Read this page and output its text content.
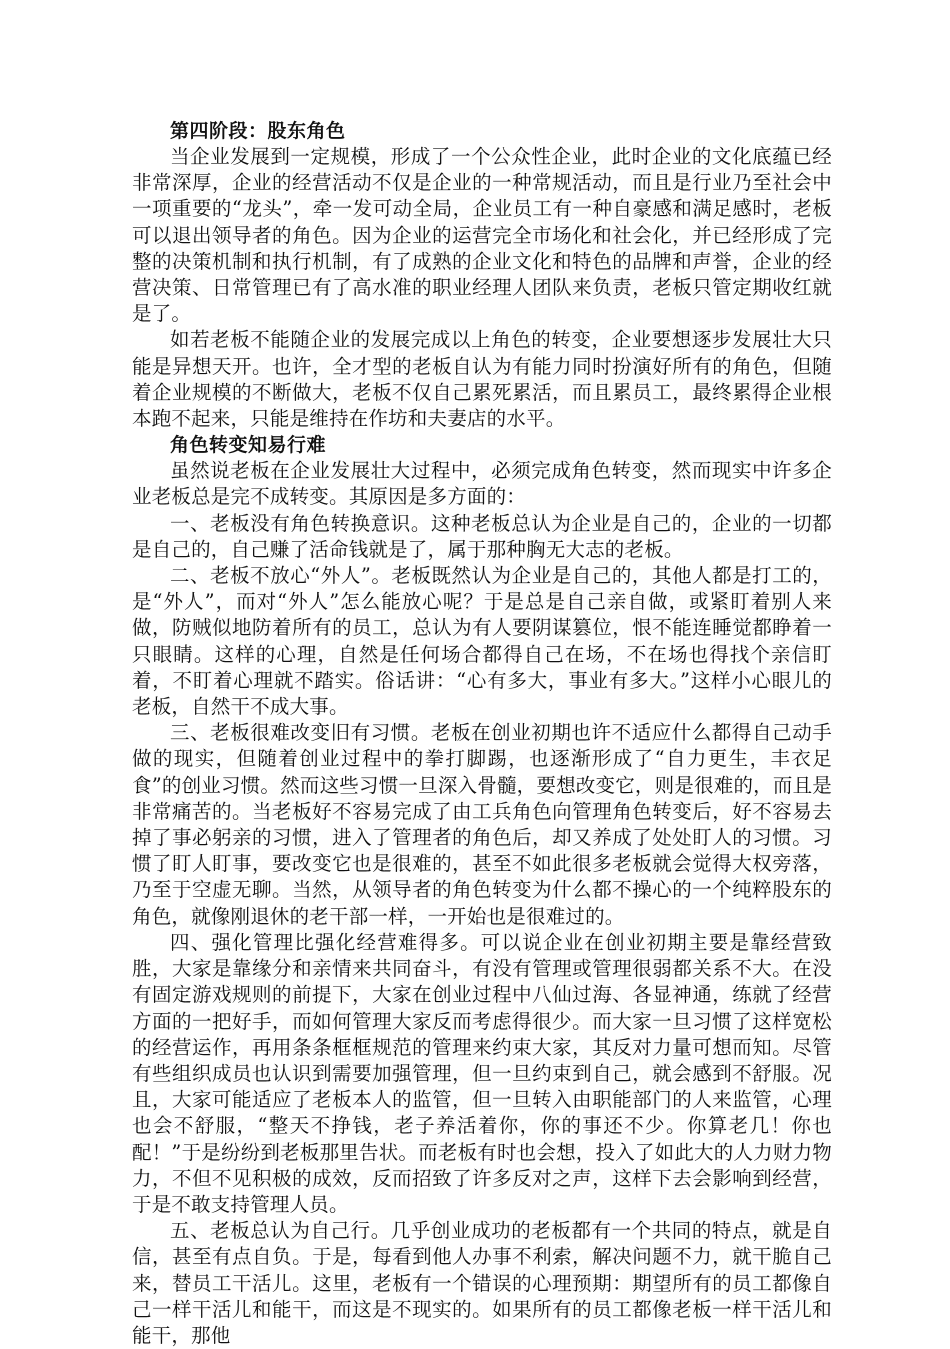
第四阶段：股东角色

当企业发展到一定规模，形成了一个公众性企业，此时企业的文化底蕴已经非常深厚，企业的经营活动不仅是企业的一种常规活动，而且是行业乃至社会中一项重要的“龙头”，牵一发可动全局，企业员工有一种自豪感和满足感时，老板可以退出领导者的角色。因为企业的运营完全市场化和社会化，并已经形成了完整的决策机制和执行机制，有了成熟的企业文化和特色的品牌和声誉，企业的经营决策、日常管理已有了高水准的职业经理人团队来负责，老板只管定期收红就是了。

如若老板不能随企业的发展完成以上角色的转变，企业要想逐步发展壮大只能是异想天开。也许，全才型的老板自认为有能力同时扮演好所有的角色，但随着企业规模的不断做大，老板不仅自己累死累活，而且累员工，最终累得企业根本跑不起来，只能是维持在作坊和夫妻店的水平。

角色转变知易行难

虽然说老板在企业发展壮大过程中，必须完成角色转变，然而现实中许多企业老板总是完不成转变。其原因是多方面的：

一、老板没有角色转换意识。这种老板总认为企业是自己的，企业的一切都是自己的，自己赚了活命钱就是了，属于那种胸无大志的老板。

二、老板不放心“外人”。老板既然认为企业是自己的，其他人都是打工的，是“外人”，而对“外人”怎么能放心呢？于是总是自己亲自做，或紧盯着别人来做，防贼似地防着所有的员工，总认为有人要阴谋篡位，恨不能连睡觉都睁着一只眼睛。这样的心理，自然是任何场合都得自己在场，不在场也得找个亲信盯着，不盯着心理就不踏实。俗话讲：“心有多大，事业有多大。”这样小心眼儿的老板，自然干不成大事。

三、老板很难改变旧有习惯。老板在创业初期也许不适应什么都得自己动手做的现实，但随着创业过程中的拳打脚踢，也逐渐形成了“自力更生，丰衣足食”的创业习惯。然而这些习惯一旦深入骨髓，要想改变它，则是很难的，而且是非常痛苦的。当老板好不容易完成了由工兵角色向管理角色转变后，好不容易去掉了事必躬亲的习惯，进入了管理者的角色后，却又养成了处处盯人的习惯。习惯了盯人盯事，要改变它也是很难的，甚至不如此很多老板就会觉得大权旁落，乃至于空虚无聊。当然，从领导者的角色转变为什么都不操心的一个纯粹股东的角色，就像刚退休的老干部一样，一开始也是很难过的。

四、强化管理比强化经营难得多。可以说企业在创业初期主要是靠经营致胜，大家是靠缘分和亲情来共同奋斗，有没有管理或管理很弱都关系不大。在没有固定游戏规则的前提下，大家在创业过程中八仙过海、各显神通，练就了经营方面的一把好手，而如何管理大家反而考虑得很少。而大家一旦习惯了这样宽松的经营运作，再用条条框框规范的管理来约束大家，其反对力量可想而知。尽管有些组织成员也认识到需要加强管理，但一旦约束到自己，就会感到不舒服。况且，大家可能适应了老板本人的监管，但一旦转入由职能部门的人来监管，心理也会不舒服，“整天不挣钱，老子养活着你，你的事还不少。你算老几！你也配！”于是纷纷到老板那里告状。而老板有时也会想，投入了如此大的人力财力物力，不但不见积极的成效，反而招致了许多反对之声，这样下去会影响到经营，于是不敢支持管理人员。

五、老板总认为自己行。几乎创业成功的老板都有一个共同的特点，就是自信，甚至有点自负。于是，每看到他人办事不利索，解决问题不力，就干脆自己来，替员工干活儿。这里，老板有一个错误的心理预期：期望所有的员工都像自己一样干活儿和能干，而这是不现实的。如果所有的员工都像老板一样干活儿和能干，那他
